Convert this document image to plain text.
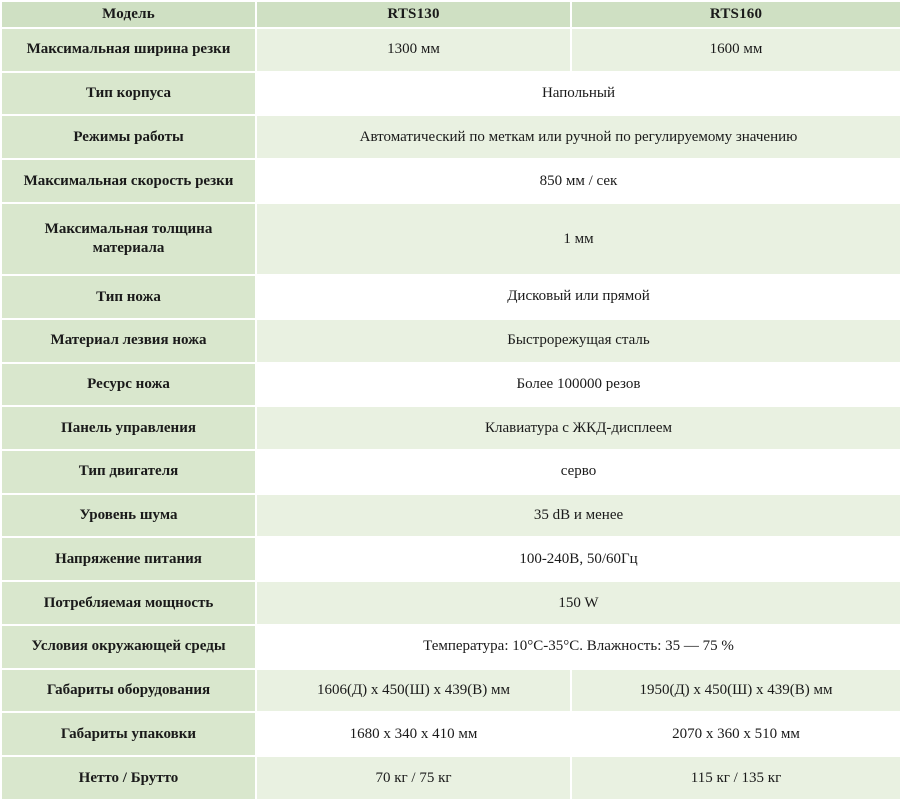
Модель	RTS130	RTS160
Максимальная ширина резки	1300 мм	1600 мм
Тип корпуса	Напольный	
Режимы работы	Автоматический по меткам или ручной по регулируемому значению	
Максимальная скорость резки	850 мм / сек	
Максимальная толщина материала	1 мм	
Тип ножа	Дисковый или прямой	
Материал лезвия ножа	Быстрорежущая сталь	
Ресурс ножа	Более 100000 резов	
Панель управления	Клавиатура с ЖКД-дисплеем	
Тип двигателя	серво	
Уровень шума	35 dB и менее	
Напряжение питания	100-240В, 50/60Гц	
Потребляемая мощность	150 W	
Условия окружающей среды	Температура: 10°С-35°С. Влажность: 35 — 75 %	
Габариты оборудования	1606(Д) x 450(Ш) x 439(В) мм	1950(Д) x 450(Ш) x 439(В) мм
Габариты упаковки	1680 x 340 x 410 мм	2070 x 360 x 510 мм
Нетто / Брутто	70 кг / 75 кг	115 кг / 135 кг
